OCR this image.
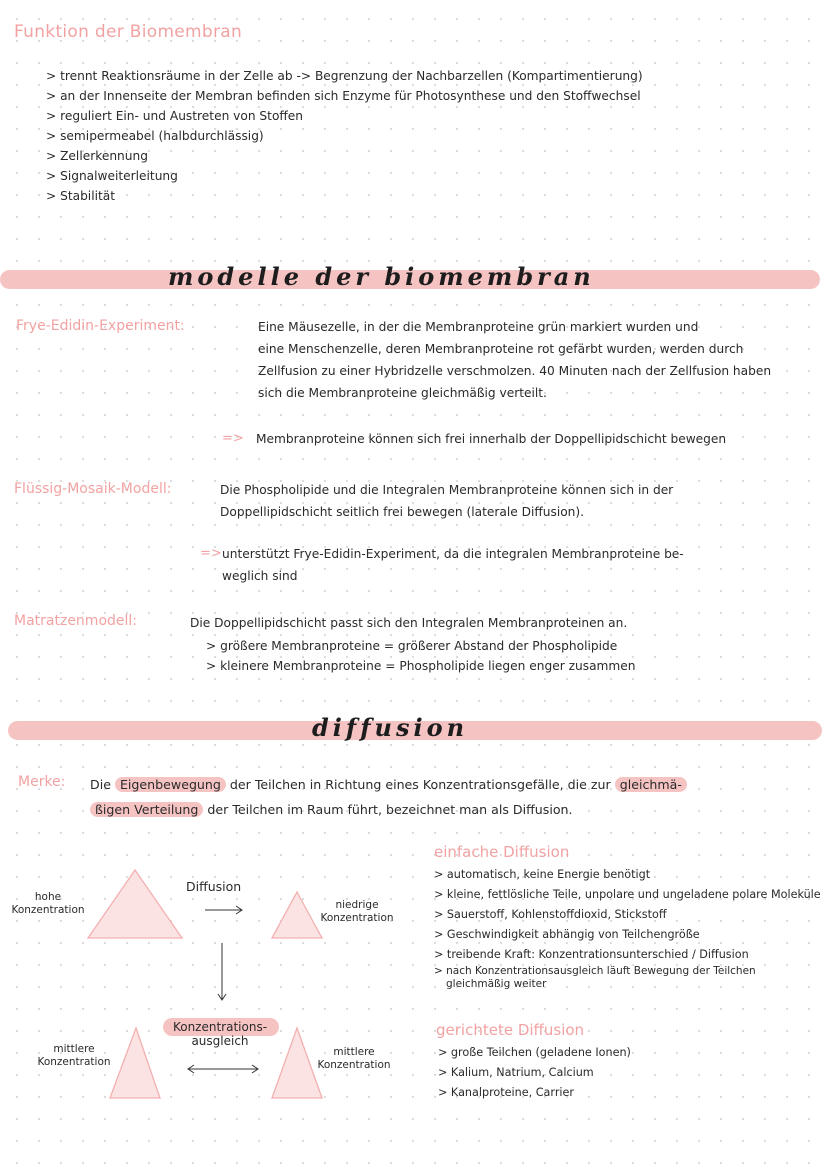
Funktion der Biomembran
> trennt Reaktionsräume in der Zelle ab -> Begrenzung der Nachbarzellen (Kompartimentierung)
> an der Innenseite der Membran befinden sich Enzyme für Photosynthese und den Stoffwechsel
> reguliert Ein- und Austreten von Stoffen
> semipermeabel (halbdurchlässig)
> Zellerkennung
> Signalweiterleitung
> Stabilität
modelle der biomembran
Frye-Edidin-Experiment:	Eine Mäusezelle, in der die Membranproteine grün markiert wurden und
eine Menschenzelle, deren Membranproteine rot gefärbt wurden, werden durch
Zellfusion zu einer Hybridzelle verschmolzen. 40 Minuten nach der Zellfusion haben
sich die Membranproteine gleichmäßig verteilt.
=> Membranproteine können sich frei innerhalb der Doppellipidschicht bewegen
Flüssig-Mosaik-Modell:	Die Phospholipide und die Integralen Membranproteine können sich in der
Doppellipidschicht seitlich frei bewegen (laterale Diffusion).
=> unterstützt Frye-Edidin-Experiment, da die integralen Membranproteine be-
weglich sind
Matratzenmodell:	Die Doppellipidschicht passt sich den Integralen Membranproteinen an.
> größere Membranproteine = größerer Abstand der Phospholipide
> kleinere Membranproteine = Phospholipide liegen enger zusammen
diffusion
Merke: Die Eigenbewegung der Teilchen in Richtung eines Konzentrationsgefälle, die zur gleichmä-
ßigen Verteilung der Teilchen im Raum führt, bezeichnet man als Diffusion.
hohe Konzentration	niedrige Konzentration
Diffusion
Konzentrations- ausgleich
mittlere Konzentration
mittlere Konzentration
einfache Diffusion
> automatisch, keine Energie benötigt
> kleine, fettlösliche Teile, unpolare und ungeladene polare Moleküle
> Sauerstoff, Kohlenstoffdioxid, Stickstoff
> Geschwindigkeit abhängig von Teilchengröße
> treibende Kraft: Konzentrationsunterschied / Diffusion
> nach Konzentrationsausgleich läuft Bewegung der Teilchen
gleichmäßig weiter
gerichtete Diffusion
> große Teilchen (geladene Ionen)
> Kalium, Natrium, Calcium
> Kanalproteine, Carrier
